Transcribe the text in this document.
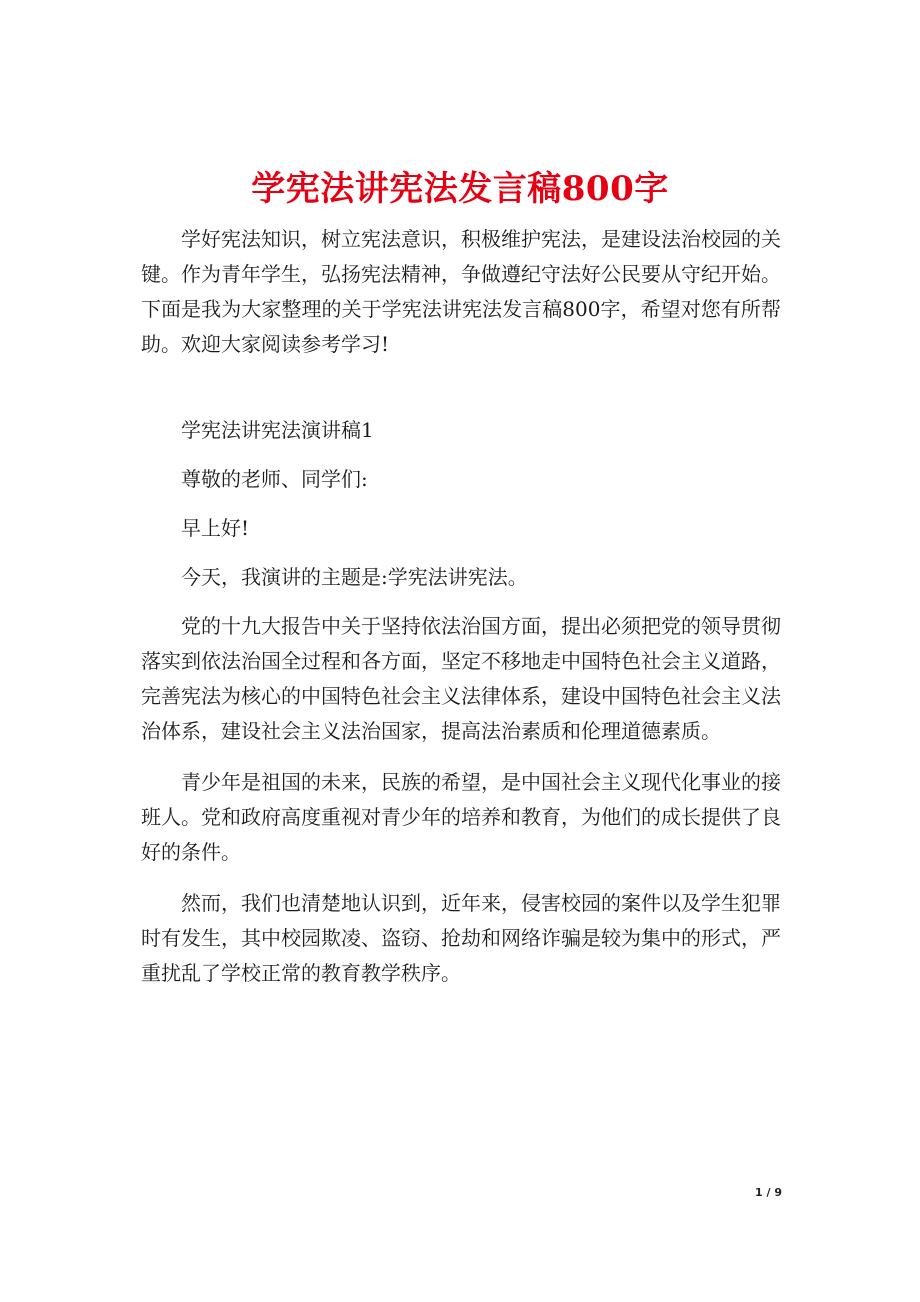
学宪法讲宪法发言稿800字

学好宪法知识，树立宪法意识，积极维护宪法，是建设法治校园的关键。作为青年学生，弘扬宪法精神，争做遵纪守法好公民要从守纪开始。下面是我为大家整理的关于学宪法讲宪法发言稿800字，希望对您有所帮助。欢迎大家阅读参考学习!

学宪法讲宪法演讲稿1

尊敬的老师、同学们:

早上好!

今天，我演讲的主题是:学宪法讲宪法。

党的十九大报告中关于坚持依法治国方面，提出必须把党的领导贯彻落实到依法治国全过程和各方面，坚定不移地走中国特色社会主义道路，完善宪法为核心的中国特色社会主义法律体系，建设中国特色社会主义法治体系，建设社会主义法治国家，提高法治素质和伦理道德素质。

青少年是祖国的未来，民族的希望，是中国社会主义现代化事业的接班人。党和政府高度重视对青少年的培养和教育，为他们的成长提供了良好的条件。

然而，我们也清楚地认识到，近年来，侵害校园的案件以及学生犯罪时有发生，其中校园欺凌、盗窃、抢劫和网络诈骗是较为集中的形式，严重扰乱了学校正常的教育教学秩序。

1 / 9
